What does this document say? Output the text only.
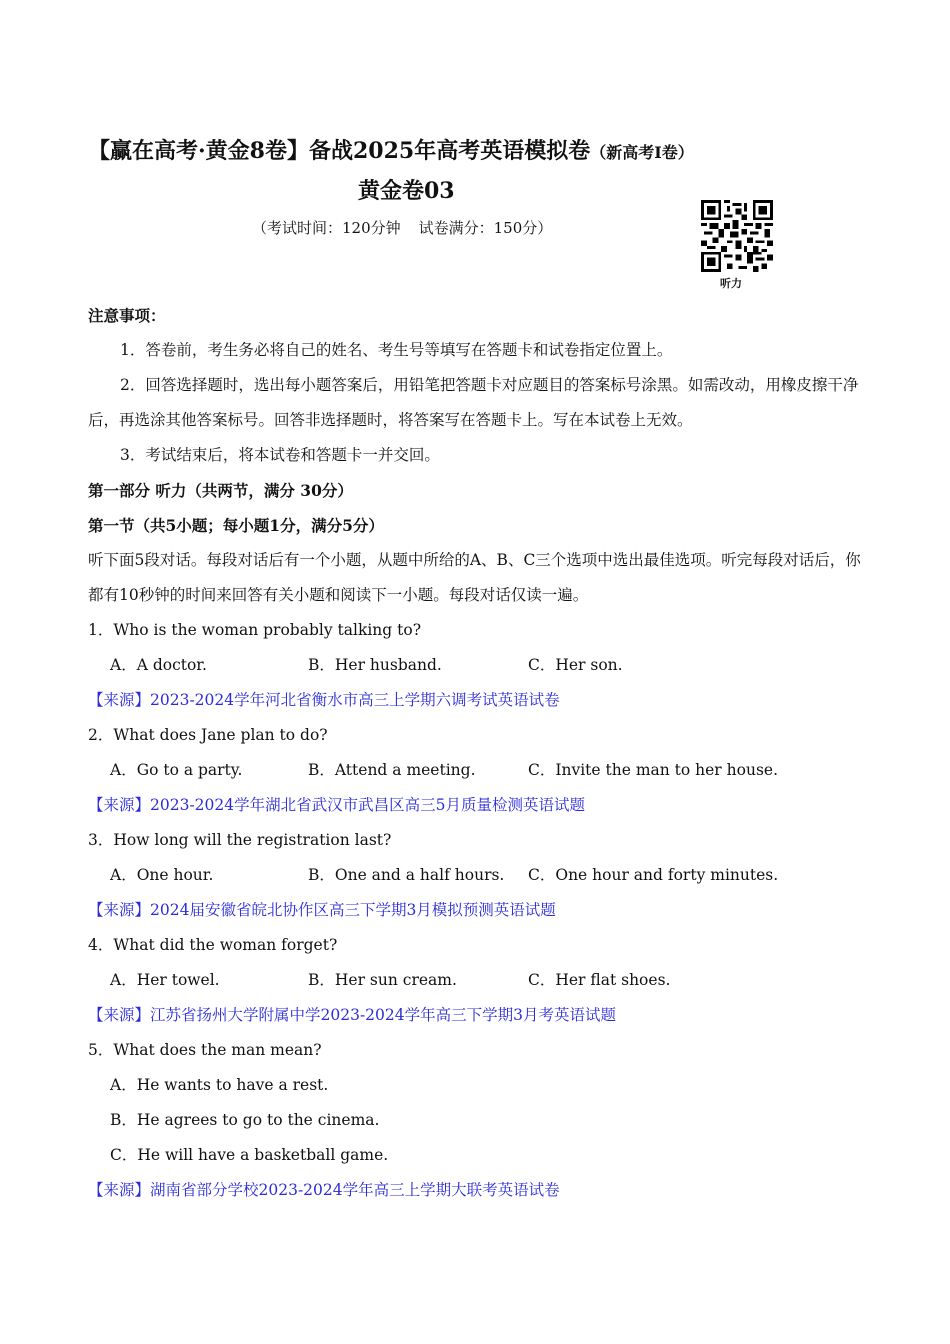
【赢在高考·黄金8卷】备战2025年高考英语模拟卷（新高考I卷）
黄金卷03
（考试时间：120分钟 试卷满分：150分）
听力
注意事项：
1．答卷前，考生务必将自己的姓名、考生号等填写在答题卡和试卷指定位置上。
2．回答选择题时，选出每小题答案后，用铅笔把答题卡对应题目的答案标号涂黑。如需改动，用橡皮擦干净后，再选涂其他答案标号。回答非选择题时，将答案写在答题卡上。写在本试卷上无效。
3．考试结束后，将本试卷和答题卡一并交回。
第一部分 听力（共两节，满分 30分）
第一节（共5小题；每小题1分，满分5分）
听下面5段对话。每段对话后有一个小题，从题中所给的A、B、C三个选项中选出最佳选项。听完每段对话后，你都有10秒钟的时间来回答有关小题和阅读下一小题。每段对话仅读一遍。
1．Who is the woman probably talking to?
A．A doctor.	B．Her husband.	C．Her son.
【来源】2023-2024学年河北省衡水市高三上学期六调考试英语试卷
2．What does Jane plan to do?
A．Go to a party.	B．Attend a meeting.	C．Invite the man to her house.
【来源】2023-2024学年湖北省武汉市武昌区高三5月质量检测英语试题
3．How long will the registration last?
A．One hour.	B．One and a half hours.	C．One hour and forty minutes.
【来源】2024届安徽省皖北协作区高三下学期3月模拟预测英语试题
4．What did the woman forget?
A．Her towel.	B．Her sun cream.	C．Her flat shoes.
【来源】江苏省扬州大学附属中学2023-2024学年高三下学期3月考英语试题
5．What does the man mean?
A．He wants to have a rest.
B．He agrees to go to the cinema.
C．He will have a basketball game.
【来源】湖南省部分学校2023-2024学年高三上学期大联考英语试卷
